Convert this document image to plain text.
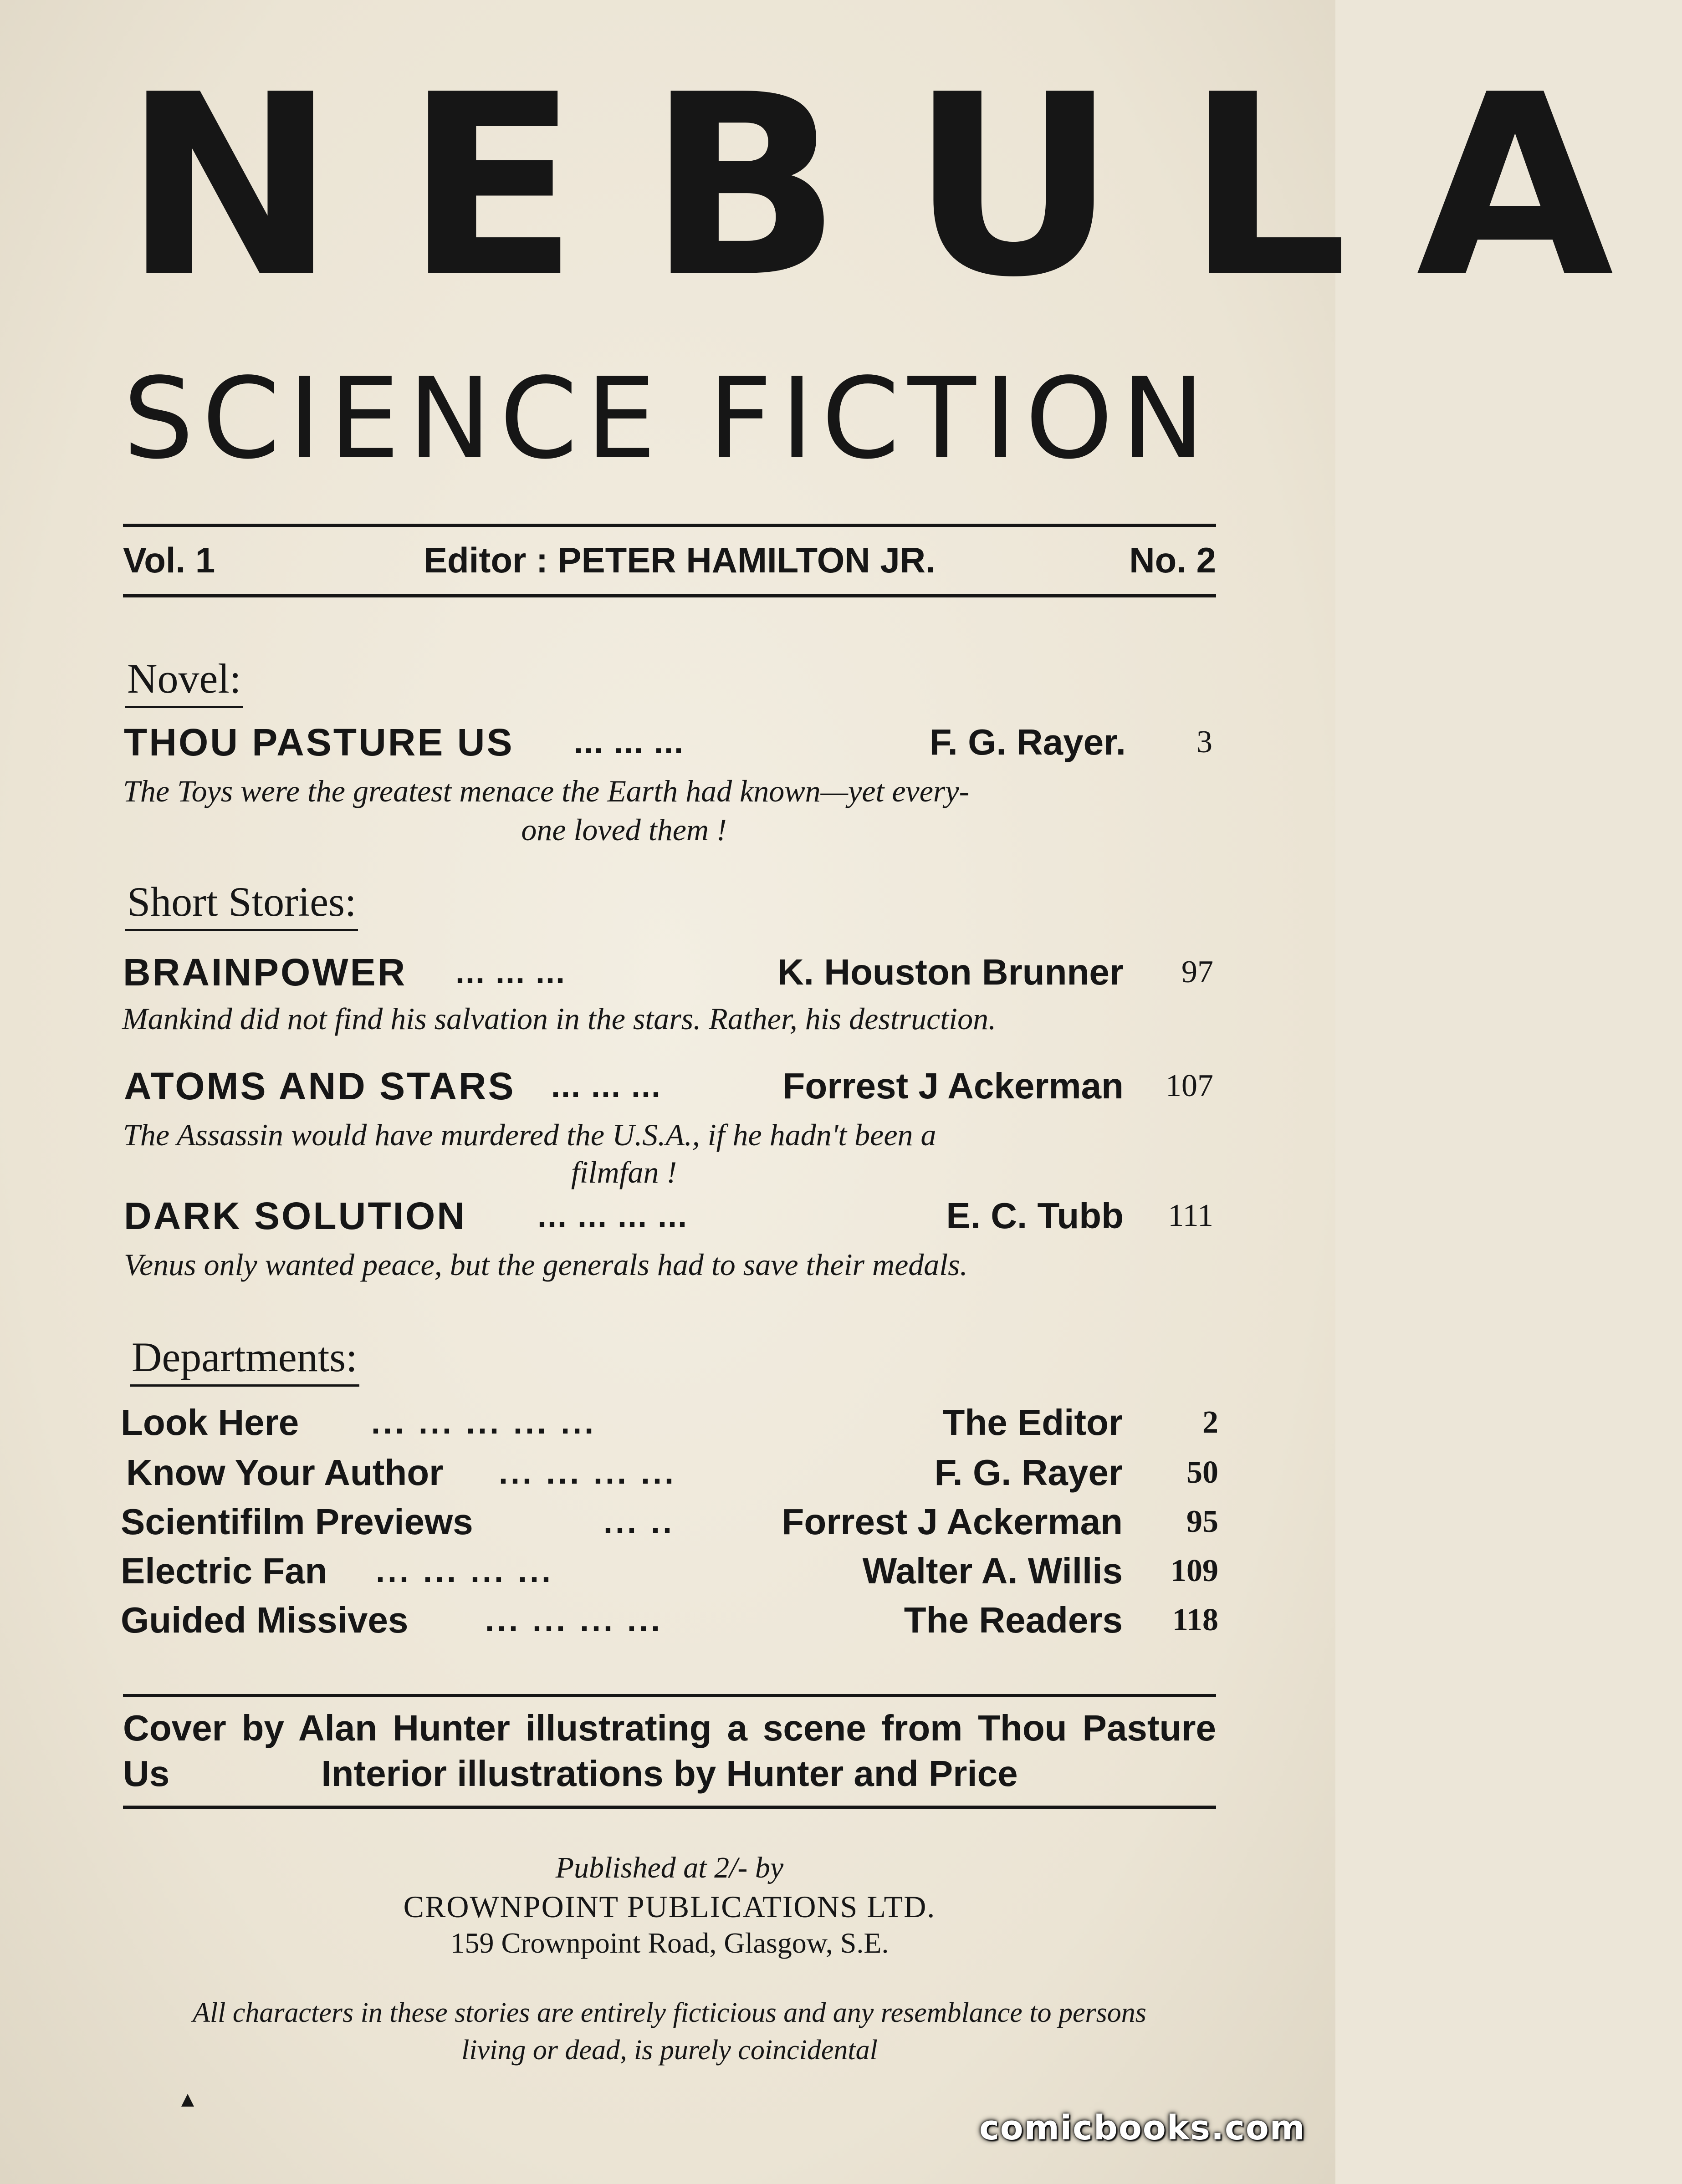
NEBULA
SCIENCE FICTION
Vol. 1	Editor : PETER HAMILTON JR.	No. 2
Novel:
THOU PASTURE US ... ... ...	F. G. Rayer. 3
The Toys were the greatest menace the Earth had known—yet every-
one loved them !
Short Stories:
BRAINPOWER ... ... ...	K. Houston Brunner 97
Mankind did not find his salvation in the stars. Rather, his destruction.
ATOMS AND STARS ... ... ...	Forrest J Ackerman 107
The Assassin would have murdered the U.S.A., if he hadn't been a
filmfan !
DARK SOLUTION ... ... ... ...	E. C. Tubb 111
Venus only wanted peace, but the generals had to save their medals.
Departments:
Look Here ... ... ... ... ...	The Editor	2
Know Your Author ... ... ... ...	F. G. Rayer 50
Scientifilm Previews	... ..	Forrest J Ackerman 95
Electric Fan ... ... ... ...	Walter A. Willis 109
Guided Missives ... ... ... ...	The Readers 118
Cover by Alan Hunter illustrating a scene from Thou Pasture Us	Interior illustrations by Hunter and Price
Published at 2/- by
CROWNPOINT PUBLICATIONS LTD.
159 Crownpoint Road, Glasgow, S.E.
All characters in these stories are entirely ficticious and any resemblance to persons
living or dead, is purely coincidental
comicbooks.com
